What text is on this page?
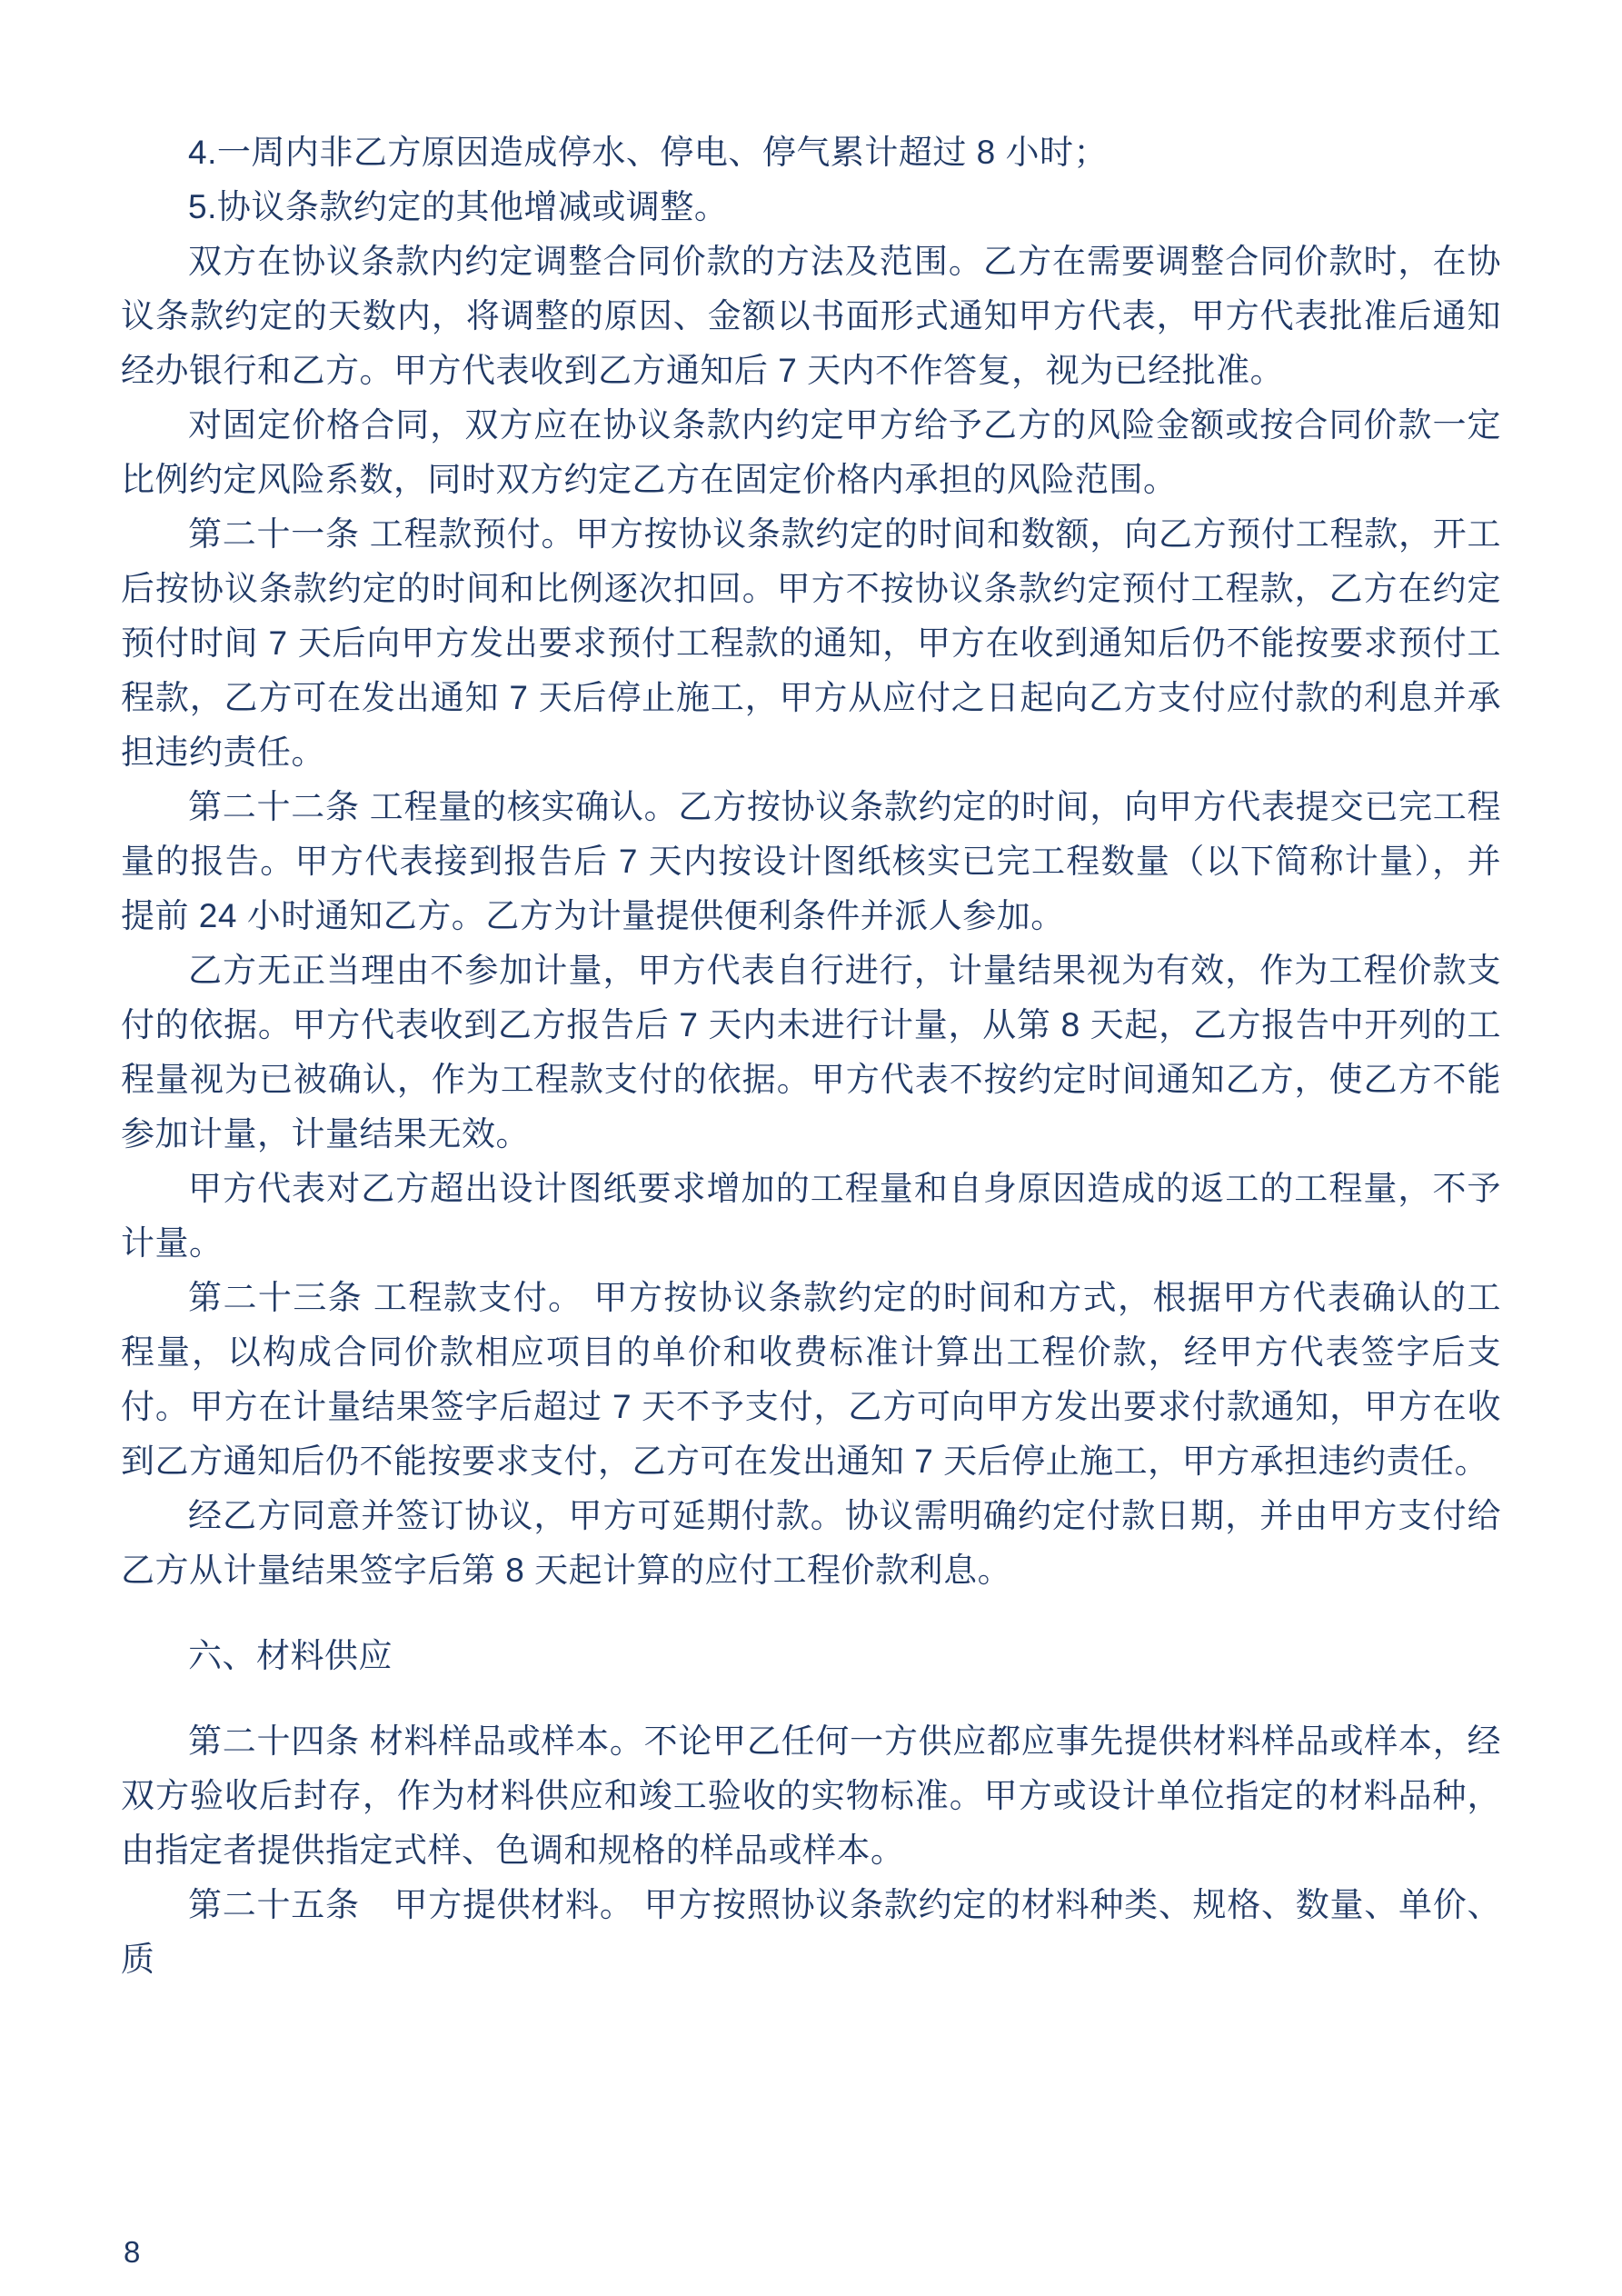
4.一周内非乙方原因造成停水、停电、停气累计超过 8 小时；

5.协议条款约定的其他增减或调整。

双方在协议条款内约定调整合同价款的方法及范围。乙方在需要调整合同价款时，在协议条款约定的天数内，将调整的原因、金额以书面形式通知甲方代表，甲方代表批准后通知经办银行和乙方。甲方代表收到乙方通知后 7 天内不作答复，视为已经批准。

对固定价格合同，双方应在协议条款内约定甲方给予乙方的风险金额或按合同价款一定比例约定风险系数，同时双方约定乙方在固定价格内承担的风险范围。

第二十一条 工程款预付。甲方按协议条款约定的时间和数额，向乙方预付工程款，开工后按协议条款约定的时间和比例逐次扣回。甲方不按协议条款约定预付工程款，乙方在约定预付时间 7 天后向甲方发出要求预付工程款的通知，甲方在收到通知后仍不能按要求预付工程款，乙方可在发出通知 7 天后停止施工，甲方从应付之日起向乙方支付应付款的利息并承担违约责任。

第二十二条 工程量的核实确认。乙方按协议条款约定的时间，向甲方代表提交已完工程量的报告。甲方代表接到报告后 7 天内按设计图纸核实已完工程数量（以下简称计量），并提前 24 小时通知乙方。乙方为计量提供便利条件并派人参加。

乙方无正当理由不参加计量，甲方代表自行进行，计量结果视为有效，作为工程价款支付的依据。甲方代表收到乙方报告后 7 天内未进行计量，从第 8 天起，乙方报告中开列的工程量视为已被确认，作为工程款支付的依据。甲方代表不按约定时间通知乙方，使乙方不能参加计量，计量结果无效。

甲方代表对乙方超出设计图纸要求增加的工程量和自身原因造成的返工的工程量，不予计量。

第二十三条 工程款支付。 甲方按协议条款约定的时间和方式，根据甲方代表确认的工程量，以构成合同价款相应项目的单价和收费标准计算出工程价款，经甲方代表签字后支付。甲方在计量结果签字后超过 7 天不予支付，乙方可向甲方发出要求付款通知，甲方在收到乙方通知后仍不能按要求支付，乙方可在发出通知 7 天后停止施工，甲方承担违约责任。

经乙方同意并签订协议，甲方可延期付款。协议需明确约定付款日期，并由甲方支付给乙方从计量结果签字后第 8 天起计算的应付工程价款利息。

六、材料供应

第二十四条 材料样品或样本。不论甲乙任何一方供应都应事先提供材料样品或样本，经双方验收后封存，作为材料供应和竣工验收的实物标准。甲方或设计单位指定的材料品种，由指定者提供指定式样、色调和规格的样品或样本。

第二十五条　甲方提供材料。 甲方按照协议条款约定的材料种类、规格、数量、单价、质

8
